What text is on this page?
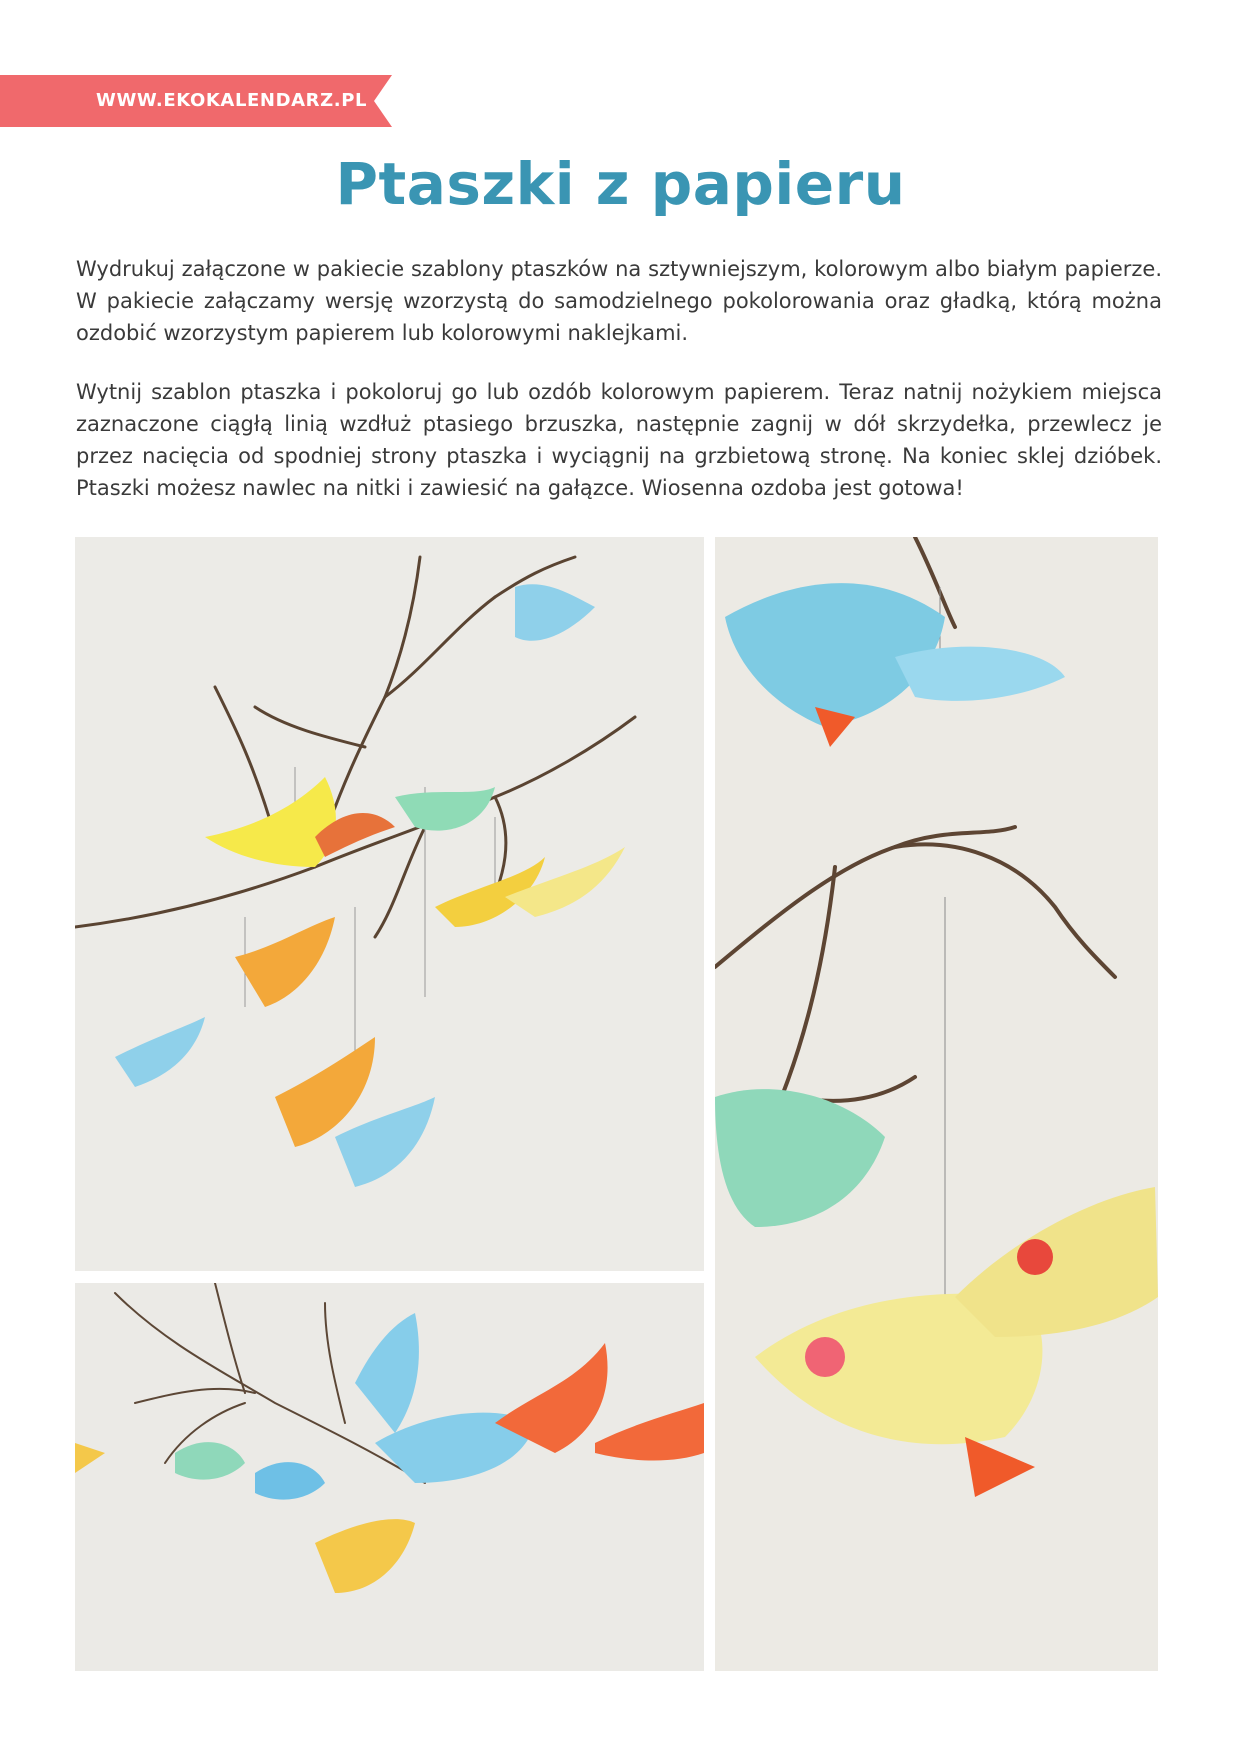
WWW.EKOKALENDARZ.PL
Ptaszki z papieru

Wydrukuj załączone w pakiecie szablony ptaszków na sztywniejszym, kolorowym albo białym papierze. W pakiecie załączamy wersję wzorzystą do samodzielnego pokolorowania oraz gładką, którą można ozdobić wzorzystym papierem lub kolorowymi naklejkami.

Wytnij szablon ptaszka i pokoloruj go lub ozdób kolorowym papierem. Teraz natnij nożykiem miejsca zaznaczone ciągłą linią wzdłuż ptasiego brzuszka, następnie zagnij w dół skrzydełka, przewlecz je przez nacięcia od spodniej strony ptaszka i wyciągnij na grzbietową stronę. Na koniec sklej dzióbek. Ptaszki możesz nawlec na nitki i zawiesić na gałązce. Wiosenna ozdoba jest gotowa!
